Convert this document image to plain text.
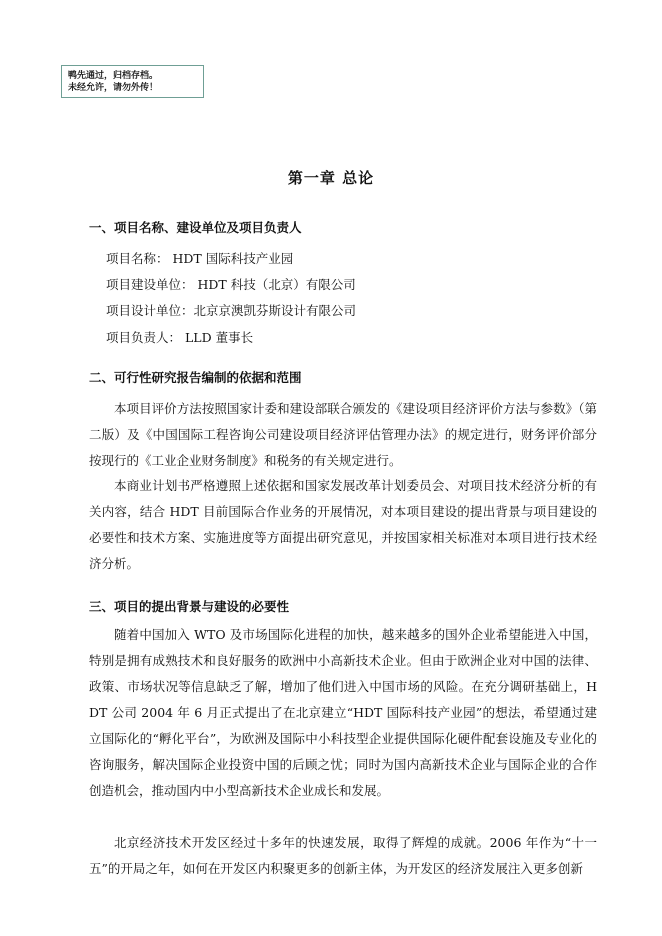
鸭先通过，归档存档。
未经允许，请勿外传！
第一章 总论
一、项目名称、建设单位及项目负责人
项目名称： HDT 国际科技产业园
项目建设单位： HDT 科技（北京）有限公司
项目设计单位：北京京澳凯芬斯设计有限公司
项目负责人： LLD 董事长
二、可行性研究报告编制的依据和范围

本项目评价方法按照国家计委和建设部联合颁发的《建设项目经济评价方法与参数》（第二版）及《中国国际工程咨询公司建设项目经济评估管理办法》的规定进行，财务评价部分按现行的《工业企业财务制度》和税务的有关规定进行。

本商业计划书严格遵照上述依据和国家发展改革计划委员会、对项目技术经济分析的有关内容，结合 HDT 目前国际合作业务的开展情况，对本项目建设的提出背景与项目建设的必要性和技术方案、实施进度等方面提出研究意见，并按国家相关标准对本项目进行技术经济分析。

三、项目的提出背景与建设的必要性

随着中国加入 WTO 及市场国际化进程的加快，越来越多的国外企业希望能进入中国，特别是拥有成熟技术和良好服务的欧洲中小高新技术企业。但由于欧洲企业对中国的法律、政策、市场状况等信息缺乏了解，增加了他们进入中国市场的风险。在充分调研基础上，HDT 公司 2004 年 6 月正式提出了在北京建立“HDT 国际科技产业园”的想法，希望通过建立国际化的“孵化平台”，为欧洲及国际中小科技型企业提供国际化硬件配套设施及专业化的咨询服务，解决国际企业投资中国的后顾之忧；同时为国内高新技术企业与国际企业的合作创造机会，推动国内中小型高新技术企业成长和发展。

北京经济技术开发区经过十多年的快速发展，取得了辉煌的成就。2006 年作为“十一五”的开局之年，如何在开发区内积聚更多的创新主体，为开发区的经济发展注入更多创新
